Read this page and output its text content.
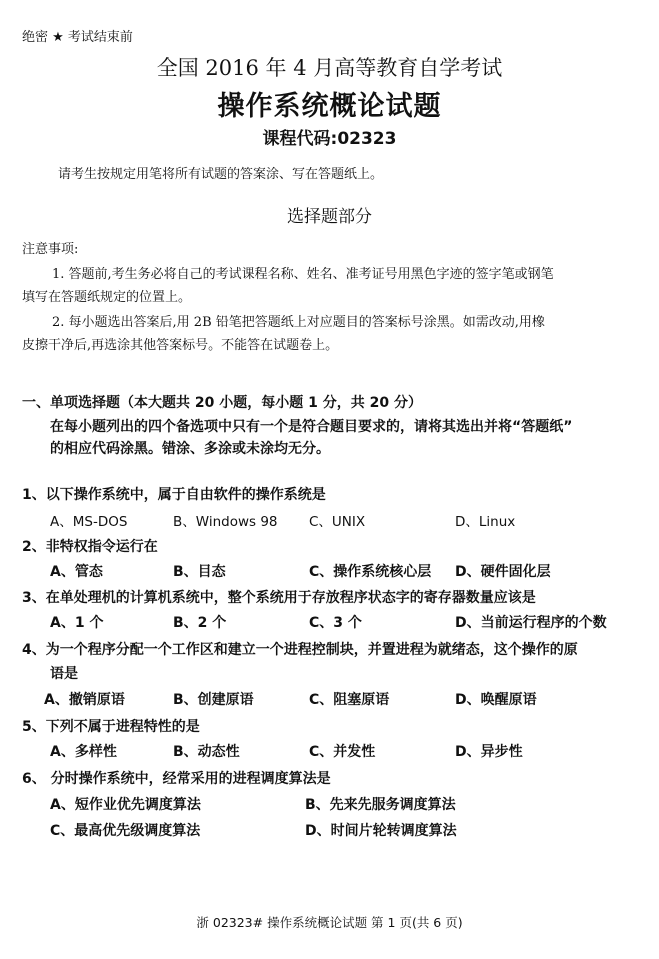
绝密 ★ 考试结束前
全国 2016 年 4 月高等教育自学考试
操作系统概论试题
课程代码:02323
请考生按规定用笔将所有试题的答案涂、写在答题纸上。
选择题部分
注意事项:
1. 答题前,考生务必将自己的考试课程名称、姓名、准考证号用黑色字迹的签字笔或钢笔
填写在答题纸规定的位置上。
2. 每小题选出答案后,用 2B 铅笔把答题纸上对应题目的答案标号涂黑。如需改动,用橡
皮擦干净后,再选涂其他答案标号。不能答在试题卷上。
一、单项选择题（本大题共 20 小题，每小题 1 分，共 20 分）
在每小题列出的四个备选项中只有一个是符合题目要求的，请将其选出并将“答题纸”
的相应代码涂黑。错涂、多涂或未涂均无分。
1、以下操作系统中，属于自由软件的操作系统是
A、MS-DOS	B、Windows 98 C、UNIX	D、Linux
2、非特权指令运行在
A、管态	B、目态	C、操作系统核心层 D、硬件固化层
3、在单处理机的计算机系统中，整个系统用于存放程序状态字的寄存器数量应该是
A、1 个	B、2 个	C、3 个	D、当前运行程序的个数
4、为一个程序分配一个工作区和建立一个进程控制块，并置进程为就绪态，这个操作的原
语是
A、撤销原语	B、创建原语	C、阻塞原语	D、唤醒原语
5、下列不属于进程特性的是
A、多样性	B、动态性	C、并发性	D、异步性
6、 分时操作系统中，经常采用的进程调度算法是
A、短作业优先调度算法	B、先来先服务调度算法
C、最高优先级调度算法	D、时间片轮转调度算法
浙 02323# 操作系统概论试题 第 1 页(共 6 页)
